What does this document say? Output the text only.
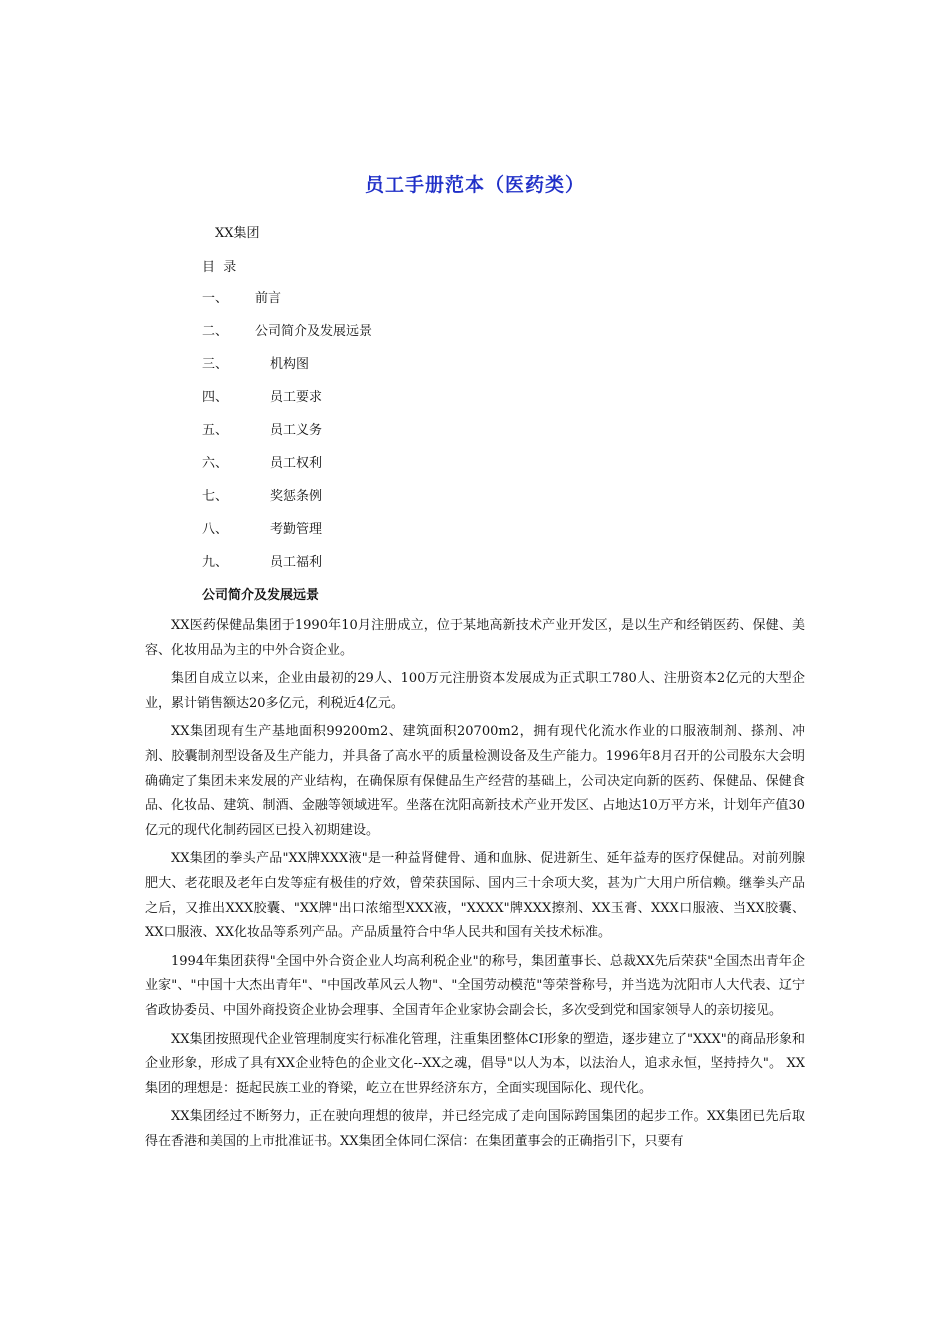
员工手册范本（医药类）
XX集团
目  录
一、 前言
二、 公司简介及发展远景
三、	机构图
四、	员工要求
五、	员工义务
六、	员工权利
七、	奖惩条例
八、	考勤管理
九、	员工福利
公司简介及发展远景

XX医药保健品集团于1990年10月注册成立，位于某地高新技术产业开发区，是以生产和经销医药、保健、美容、化妆用品为主的中外合资企业。

集团自成立以来，企业由最初的29人、100万元注册资本发展成为正式职工780人、注册资本2亿元的大型企业，累计销售额达20多亿元，利税近4亿元。

XX集团现有生产基地面积99200m2、建筑面积20700m2，拥有现代化流水作业的口服液制剂、搽剂、冲剂、胶囊制剂型设备及生产能力，并具备了高水平的质量检测设备及生产能力。1996年8月召开的公司股东大会明确确定了集团未来发展的产业结构，在确保原有保健品生产经营的基础上，公司决定向新的医药、保健品、保健食品、化妆品、建筑、制酒、金融等领域进军。坐落在沈阳高新技术产业开发区、占地达10万平方米，计划年产值30亿元的现代化制药园区已投入初期建设。

XX集团的拳头产品"XX牌XXX液"是一种益肾健骨、通和血脉、促进新生、延年益寿的医疗保健品。对前列腺肥大、老花眼及老年白发等症有极佳的疗效，曾荣获国际、国内三十余项大奖，甚为广大用户所信赖。继拳头产品之后，又推出XXX胶囊、"XX牌"出口浓缩型XXX液，"XXXX"牌XXX擦剂、XX玉膏、XXX口服液、当XX胶囊、XX口服液、XX化妆品等系列产品。产品质量符合中华人民共和国有关技术标准。

1994年集团获得"全国中外合资企业人均高利税企业"的称号，集团董事长、总裁XX先后荣获"全国杰出青年企业家"、"中国十大杰出青年"、"中国改革风云人物"、"全国劳动模范"等荣誉称号，并当选为沈阳市人大代表、辽宁省政协委员、中国外商投资企业协会理事、全国青年企业家协会副会长，多次受到党和国家领导人的亲切接见。

XX集团按照现代企业管理制度实行标准化管理，注重集团整体CI形象的塑造，逐步建立了"XXX"的商品形象和企业形象，形成了具有XX企业特色的企业文化--XX之魂，倡导"以人为本，以法治人，追求永恒，坚持持久"。 XX集团的理想是：挺起民族工业的脊梁，屹立在世界经济东方，全面实现国际化、现代化。

XX集团经过不断努力，正在驶向理想的彼岸，并已经完成了走向国际跨国集团的起步工作。XX集团已先后取得在香港和美国的上市批准证书。XX集团全体同仁深信：在集团董事会的正确指引下，只要有
